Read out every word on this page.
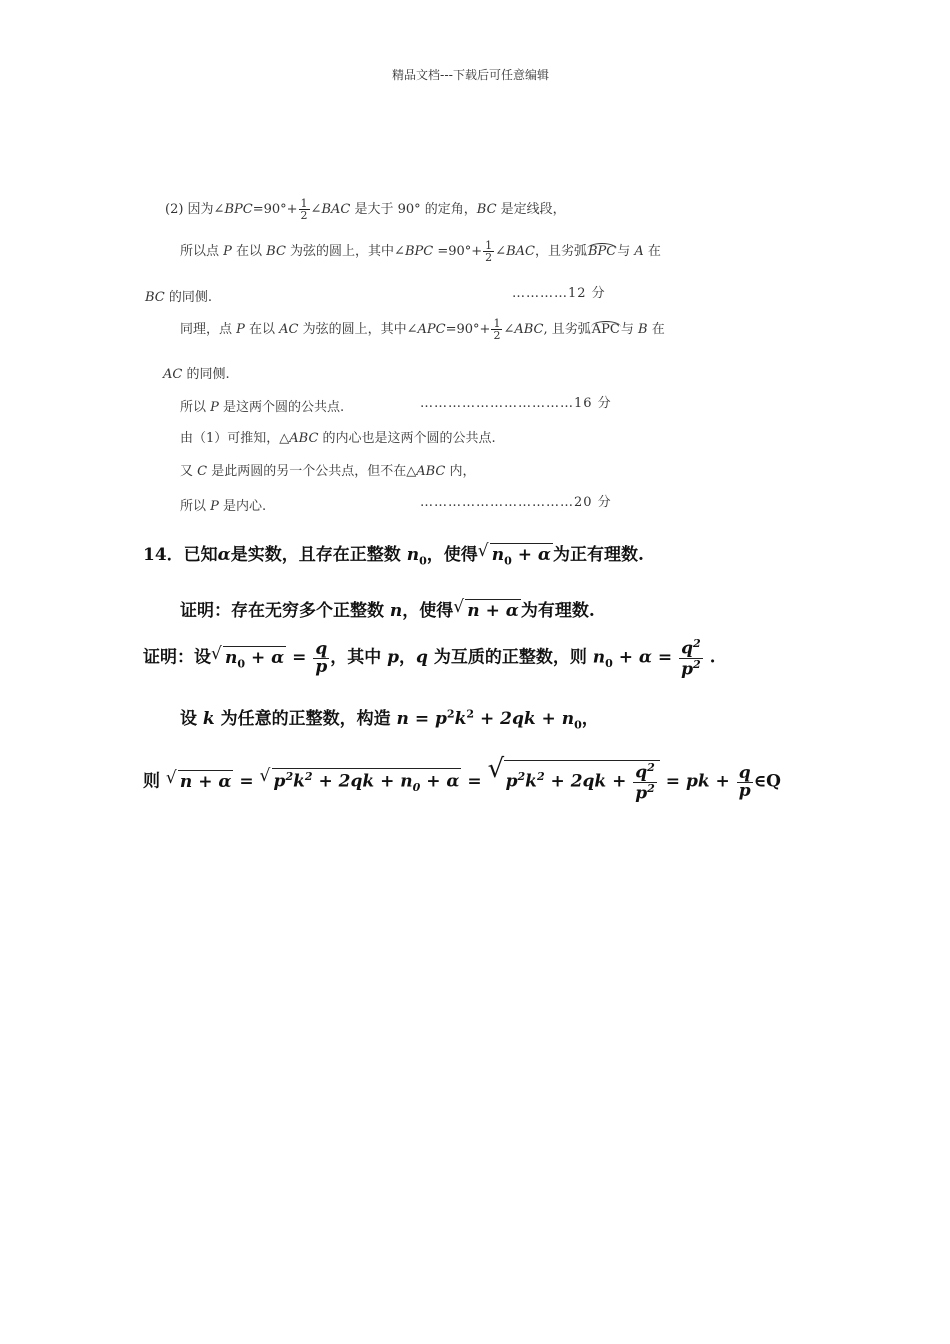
精品文档---下载后可任意编辑
(2) 因为∠BPC=90°+ $\frac{1}{2}$ ∠BAC 是大于 90° 的定角，BC 是定线段，
所以点 P 在以 BC 为弦的圆上，其中∠BPC $=90^\circ+ \frac{1}{2}$ ∠BAC，且劣弧BPC与 A 在
BC 的同侧.	…………12 分
同理，点 P 在以 AC 为弦的圆上，其中∠APC=90°+ $\frac{1}{2}$ ∠ABC, 且劣弧APC与 B 在
AC 的同侧.
所以 P 是这两个圆的公共点.	……………………………16 分
由（1）可推知，△ABC 的内心也是这两个圆的公共点.
又 C 是此两圆的另一个公共点，但不在△ABC 内，
所以 P 是内心.	……………………………20 分
14．已知α是实数，且存在正整数 $n_0$，使得 √ $n_0 + \alpha$ 为正有理数.
证明：存在无穷多个正整数 n，使得 √ n + α 为有理数.
证明：设 √ $n_0 + \alpha = \frac{q}{p}$ ，其中 p，q 为互质的正整数，则 $n_0 + \alpha = \frac{q^2}{p^2}$ .
设 k 为任意的正整数，构造 $n = p^2k^2 + 2qk + n_0$，
则 √ n + α = √ $p^2k^2 + 2qk + n_0 + \alpha$ = √ $p^2k^2 + 2qk + \frac{q^2}{p^2}$ = pk + $\frac{q}{p}$ ∈Q
